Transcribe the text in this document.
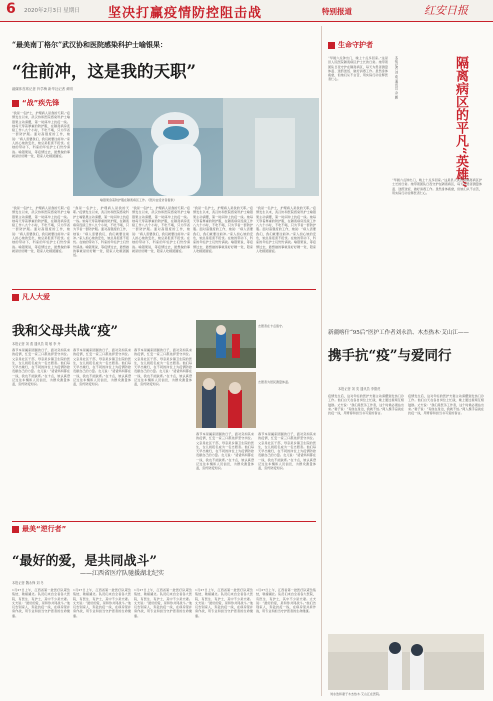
6 2020年2月3日 星期日 坚决打赢疫情防控阻击战	特别报道	红安日报
“最美南丁格尔”武汉协和医院感染科护士喻银果：
“往前冲，这是我的天职”
融媒体首席记者 肖学梅 新华社记者 黄明
“战”疾先锋
“我是一名护士，护理病人是我的天职。”疫情发生以来，武汉协和医院感染科护士喻银果主动请缨，第一时间冲上抗疫一线。她每天穿着厚重的防护服，在隔离病房连续工作八九个小时，不吃不喝，只为节省一套防护服。面对高强度的工作，她说：“病人需要我们，我们就要往前冲。”家人担心她的安危，她总是报喜不报忧。在她的带动下，科室的年轻护士们纷纷请战。喻银果说，等疫情过去，最想做的事就是好好睡一觉，陪家人吃顿团圆饭。
喻银果身着防护服在隔离病区工作。（图片由受访者提供）
“我是一名护士，护理病人是我的天职。”疫情发生以来，武汉协和医院感染科护士喻银果主动请缨，第一时间冲上抗疫一线。她每天穿着厚重的防护服，在隔离病房连续工作八九个小时，不吃不喝，只为节省一套防护服。面对高强度的工作，她说：“病人需要我们，我们就要往前冲。”家人担心她的安危，她总是报喜不报忧。在她的带动下，科室的年轻护士们纷纷请战。喻银果说，等疫情过去，最想做的事就是好好睡一觉，陪家人吃顿团圆饭。
“我是一名护士，护理病人是我的天职。”疫情发生以来，武汉协和医院感染科护士喻银果主动请缨，第一时间冲上抗疫一线。她每天穿着厚重的防护服，在隔离病房连续工作八九个小时，不吃不喝，只为节省一套防护服。面对高强度的工作，她说：“病人需要我们，我们就要往前冲。”家人担心她的安危，她总是报喜不报忧。在她的带动下，科室的年轻护士们纷纷请战。喻银果说，等疫情过去，最想做的事就是好好睡一觉，陪家人吃顿团圆饭。
“我是一名护士，护理病人是我的天职。”疫情发生以来，武汉协和医院感染科护士喻银果主动请缨，第一时间冲上抗疫一线。她每天穿着厚重的防护服，在隔离病房连续工作八九个小时，不吃不喝，只为节省一套防护服。面对高强度的工作，她说：“病人需要我们，我们就要往前冲。”家人担心她的安危，她总是报喜不报忧。在她的带动下，科室的年轻护士们纷纷请战。喻银果说，等疫情过去，最想做的事就是好好睡一觉，陪家人吃顿团圆饭。
“我是一名护士，护理病人是我的天职。”疫情发生以来，武汉协和医院感染科护士喻银果主动请缨，第一时间冲上抗疫一线。她每天穿着厚重的防护服，在隔离病房连续工作八九个小时，不吃不喝，只为节省一套防护服。面对高强度的工作，她说：“病人需要我们，我们就要往前冲。”家人担心她的安危，她总是报喜不报忧。在她的带动下，科室的年轻护士们纷纷请战。喻银果说，等疫情过去，最想做的事就是好好睡一觉，陪家人吃顿团圆饭。
“我是一名护士，护理病人是我的天职。”疫情发生以来，武汉协和医院感染科护士喻银果主动请缨，第一时间冲上抗疫一线。她每天穿着厚重的防护服，在隔离病房连续工作八九个小时，不吃不喝，只为节省一套防护服。面对高强度的工作，她说：“病人需要我们，我们就要往前冲。”家人担心她的安危，她总是报喜不报忧。在她的带动下，科室的年轻护士们纷纷请战。喻银果说，等疫情过去，最想做的事就是好好睡一觉，陪家人吃顿团圆饭。
凡人大爱
我和父母共战“疫”
本报记者 刘 燕 通讯员 胡 敏 李 丹
春节本是阖家团圆的日子，面对突如其来的疫情，红安一家三口都选择坚守岗位。父亲是社区干部，母亲是乡镇卫生院的医生，女儿则报名成为一名志愿者。他们每天早出晚归，在不同的岗位上为疫情防控贡献自己的力量。女儿说：“爸爸妈妈都在一线，我也不能缺席。”在卡点，她认真登记过往车辆和人员信息，为群众测量体温，宣传防疫知识。
春节本是阖家团圆的日子，面对突如其来的疫情，红安一家三口都选择坚守岗位。父亲是社区干部，母亲是乡镇卫生院的医生，女儿则报名成为一名志愿者。他们每天早出晚归，在不同的岗位上为疫情防控贡献自己的力量。女儿说：“爸爸妈妈都在一线，我也不能缺席。”在卡点，她认真登记过往车辆和人员信息，为群众测量体温，宣传防疫知识。
春节本是阖家团圆的日子，面对突如其来的疫情，红安一家三口都选择坚守岗位。父亲是社区干部，母亲是乡镇卫生院的医生，女儿则报名成为一名志愿者。他们每天早出晚归，在不同的岗位上为疫情防控贡献自己的力量。女儿说：“爸爸妈妈都在一线，我也不能缺席。”在卡点，她认真登记过往车辆和人员信息，为群众测量体温，宣传防疫知识。
志愿者在卡点值守。
志愿者为居民测量体温。
春节本是阖家团圆的日子，面对突如其来的疫情，红安一家三口都选择坚守岗位。父亲是社区干部，母亲是乡镇卫生院的医生，女儿则报名成为一名志愿者。他们每天早出晚归，在不同的岗位上为疫情防控贡献自己的力量。女儿说：“爸爸妈妈都在一线，我也不能缺席。”在卡点，她认真登记过往车辆和人员信息，为群众测量体温，宣传防疫知识。
春节本是阖家团圆的日子，面对突如其来的疫情，红安一家三口都选择坚守岗位。父亲是社区干部，母亲是乡镇卫生院的医生，女儿则报名成为一名志愿者。他们每天早出晚归，在不同的岗位上为疫情防控贡献自己的力量。女儿说：“爸爸妈妈都在一线，我也不能缺席。”在卡点，她认真登记过往车辆和人员信息，为群众测量体温，宣传防疫知识。
最美“逆行者”
“最好的爱，是共同战斗”
——江西省医疗队驰援湖北纪实
本报记者 魏永锋 刘 冬
1月27日上午，江西省第一批医疗队紧急集结，驰援湖北。队员们来自全省各大医院，有医生、有护士，其中不少是夫妻。丈夫说：“最好的爱，是和你共同战斗。”他们告别家人，奔赴抗疫一线，在病房里并肩作战，用专业和担当守护患者的生命健康。
1月27日上午，江西省第一批医疗队紧急集结，驰援湖北。队员们来自全省各大医院，有医生、有护士，其中不少是夫妻。丈夫说：“最好的爱，是和你共同战斗。”他们告别家人，奔赴抗疫一线，在病房里并肩作战，用专业和担当守护患者的生命健康。
1月27日上午，江西省第一批医疗队紧急集结，驰援湖北。队员们来自全省各大医院，有医生、有护士，其中不少是夫妻。丈夫说：“最好的爱，是和你共同战斗。”他们告别家人，奔赴抗疫一线，在病房里并肩作战，用专业和担当守护患者的生命健康。
1月27日上午，江西省第一批医疗队紧急集结，驰援湖北。队员们来自全省各大医院，有医生、有护士，其中不少是夫妻。丈夫说：“最好的爱，是和你共同战斗。”他们告别家人，奔赴抗疫一线，在病房里并肩作战，用专业和担当守护患者的生命健康。
1月27日上午，江西省第一批医疗队紧急集结，驰援湖北。队员们来自全省各大医院，有医生、有护士，其中不少是夫妻。丈夫说：“最好的爱，是和你共同战斗。”他们告别家人，奔赴抗疫一线，在病房里并肩作战，用专业和担当守护患者的生命健康。
生命守护者
“早晨六点钟出门，晚上十点多回家。”这是县人民医院隔离病区护士长的日常。她带领团队日夜守护在隔离病区，每天为患者测量体温、送药送饭、做好消毒工作。虽然身体疲惫，但她们从不言苦，用实际行动诠释医者仁心。	本报记者 刘 欢 通讯员 余 鹏	隔离病区的平凡“英雄”
“早晨六点钟出门，晚上十点多回家。”这是县人民医院隔离病区护士长的日常。她带领团队日夜守护在隔离病区，每天为患者测量体温、送药送饭、做好消毒工作。虽然身体疲惫，但她们从不言苦，用实际行动诠释医者仁心。
新疆喀什“95后”医护工作者刘永浩、木杰热木·艾山江——
携手抗“疫”与爱同行
本报记者 刘 奕 通讯员 李德虎
疫情发生后，这对年轻的医护夫妻主动请缨到发热门诊工作。他们白天在各自岗位上忙碌，晚上通过视频互相鼓励。丈夫说：“我们是医务工作者，这个时候必须站出来。”妻子说：“有他在身边，我就不怕。”两人携手奋战在抗疫一线，用青春和担当书写爱的誓言。
疫情发生后，这对年轻的医护夫妻主动请缨到发热门诊工作。他们白天在各自岗位上忙碌，晚上通过视频互相鼓励。丈夫说：“我们是医务工作者，这个时候必须站出来。”妻子说：“有他在身边，我就不怕。”两人携手奋战在抗疫一线，用青春和担当书写爱的誓言。
刘永浩和妻子木杰热木·艾山江在医院。
